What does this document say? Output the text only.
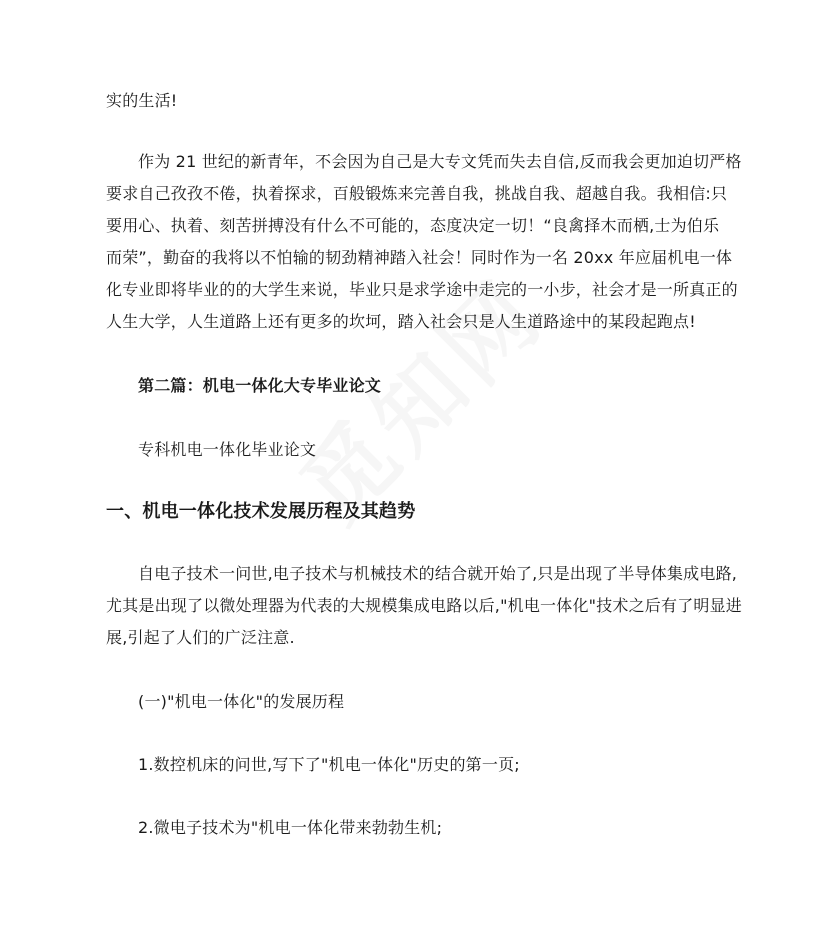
实的生活!
作为 21 世纪的新青年，不会因为自己是大专文凭而失去自信,反而我会更加迫切严格
要求自己孜孜不倦，执着探求，百般锻炼来完善自我，挑战自我、超越自我。我相信:只
要用心、执着、刻苦拼搏没有什么不可能的，态度决定一切！“良禽择木而栖,士为伯乐
而荣”，勤奋的我将以不怕输的韧劲精神踏入社会！同时作为一名 20xx 年应届机电一体
化专业即将毕业的的大学生来说，毕业只是求学途中走完的一小步，社会才是一所真正的
人生大学，人生道路上还有更多的坎坷，踏入社会只是人生道路途中的某段起跑点!
第二篇：机电一体化大专毕业论文
专科机电一体化毕业论文
一、机电一体化技术发展历程及其趋势
自电子技术一问世,电子技术与机械技术的结合就开始了,只是出现了半导体集成电路,
尤其是出现了以微处理器为代表的大规模集成电路以后,"机电一体化"技术之后有了明显进
展,引起了人们的广泛注意.
(一)"机电一体化"的发展历程
1.数控机床的问世,写下了"机电一体化"历史的第一页;
2.微电子技术为"机电一体化带来勃勃生机;
